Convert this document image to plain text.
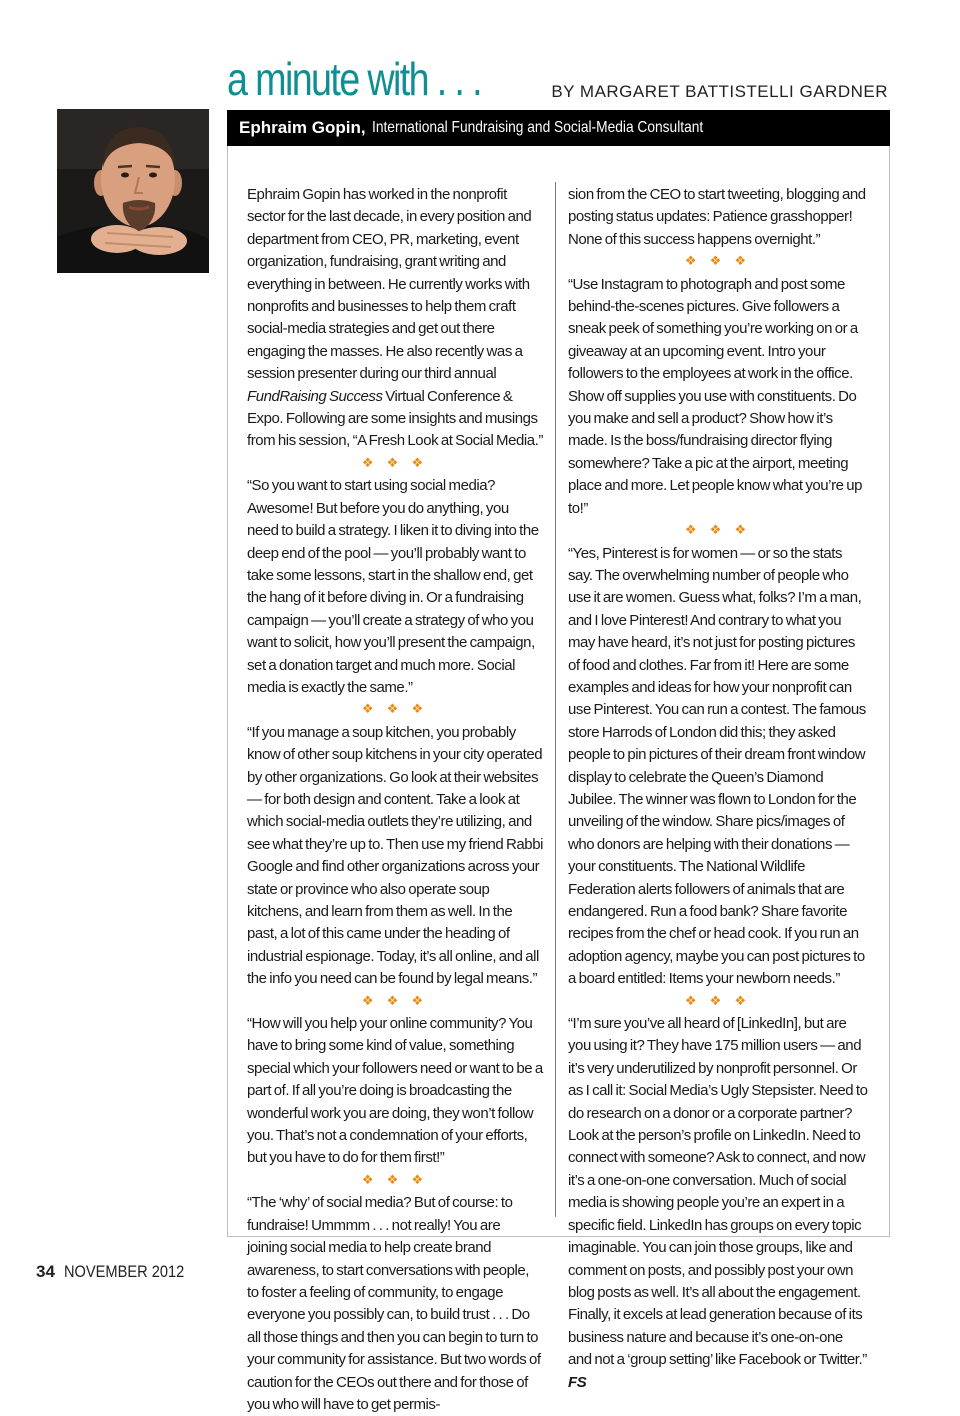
a minute with . . .	BY MARGARET BATTISTELLI GARDNER
Ephraim Gopin, International Fundraising and Social-Media Consultant

Ephraim Gopin has worked in the nonprofit sector for the last decade, in every position and department from CEO, PR, marketing, event organization, fundraising, grant writing and everything in between. He currently works with nonprofits and businesses to help them craft social-media strategies and get out there engaging the masses. He also recently was a session presenter during our third annual FundRaising Success Virtual Conference & Expo. Following are some insights and musings from his session, “A Fresh Look at Social Media.”

❖ ❖ ❖

“So you want to start using social media? Awesome! But before you do anything, you need to build a strategy. I liken it to diving into the deep end of the pool — you’ll probably want to take some lessons, start in the shallow end, get the hang of it before diving in. Or a fundraising campaign — you’ll create a strategy of who you want to solicit, how you’ll present the campaign, set a donation target and much more. Social media is exactly the same.”

❖ ❖ ❖

“If you manage a soup kitchen, you probably know of other soup kitchens in your city operated by other organizations. Go look at their websites — for both design and content. Take a look at which social-media outlets they’re utilizing, and see what they’re up to. Then use my friend Rabbi Google and find other organizations across your state or province who also operate soup kitchens, and learn from them as well. In the past, a lot of this came under the heading of industrial espionage. Today, it’s all online, and all the info you need can be found by legal means.”

❖ ❖ ❖

“How will you help your online community? You have to bring some kind of value, something special which your followers need or want to be a part of. If all you’re doing is broadcasting the wonderful work you are doing, they won’t follow you. That’s not a condemnation of your efforts, but you have to do for them first!”

❖ ❖ ❖

“The ‘why’ of social media? But of course: to fundraise! Ummmm . . . not really! You are joining social media to help create brand awareness, to start conversations with people, to foster a feeling of community, to engage everyone you possibly can, to build trust . . . Do all those things and then you can begin to turn to your community for assistance. But two words of caution for the CEOs out there and for those of you who will have to get permis-

sion from the CEO to start tweeting, blogging and posting status updates: Patience grasshopper! None of this success happens overnight.”

❖ ❖ ❖

“Use Instagram to photograph and post some behind-the-scenes pictures. Give followers a sneak peek of something you’re working on or a giveaway at an upcoming event. Intro your followers to the employees at work in the office. Show off supplies you use with constituents. Do you make and sell a product? Show how it’s made. Is the boss/fundraising director flying somewhere? Take a pic at the airport, meeting place and more. Let people know what you’re up to!”

❖ ❖ ❖

“Yes, Pinterest is for women — or so the stats say. The overwhelming number of people who use it are women. Guess what, folks? I’m a man, and I love Pinterest! And contrary to what you may have heard, it’s not just for posting pictures of food and clothes. Far from it! Here are some examples and ideas for how your nonprofit can use Pinterest. You can run a contest. The famous store Harrods of London did this; they asked people to pin pictures of their dream front window display to celebrate the Queen’s Diamond Jubilee. The winner was flown to London for the unveiling of the window. Share pics/images of who donors are helping with their donations — your constituents. The National Wildlife Federation alerts followers of animals that are endangered. Run a food bank? Share favorite recipes from the chef or head cook. If you run an adoption agency, maybe you can post pictures to a board entitled: Items your newborn needs.”

❖ ❖ ❖

“I’m sure you’ve all heard of [LinkedIn], but are you using it? They have 175 million users — and it’s very underutilized by nonprofit personnel. Or as I call it: Social Media’s Ugly Stepsister. Need to do research on a donor or a corporate partner? Look at the person’s profile on LinkedIn. Need to connect with someone? Ask to connect, and now it’s a one-on-one conversation. Much of social media is showing people you’re an expert in a specific field. LinkedIn has groups on every topic imaginable. You can join those groups, like and comment on posts, and possibly post your own blog posts as well. It’s all about the engagement. Finally, it excels at lead generation because of its business nature and because it’s one-on-one and not a ‘group setting’ like Facebook or Twitter.” FS

34 NOVEMBER 2012
